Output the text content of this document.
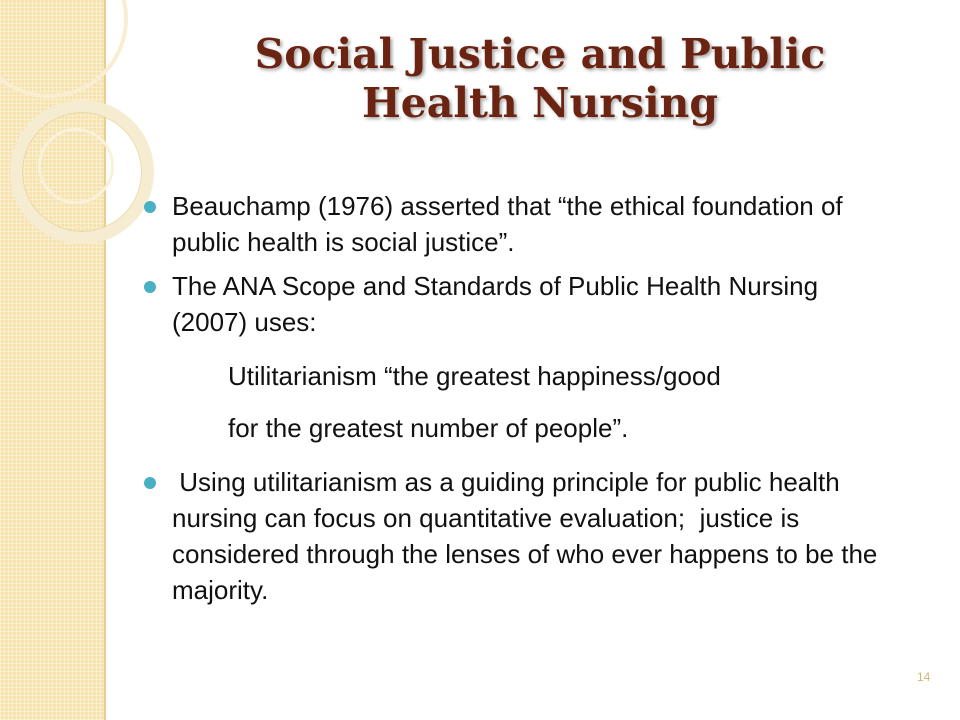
Social Justice and Public
Health Nursing
Beauchamp (1976) asserted that “the ethical foundation of public health is social justice”.
The ANA Scope and Standards of Public Health Nursing (2007) uses:
Utilitarianism “the greatest happiness/good
for the greatest number of people”.
Using utilitarianism as a guiding principle for public health nursing can focus on quantitative evaluation;  justice is considered through the lenses of who ever happens to be the majority.
14
